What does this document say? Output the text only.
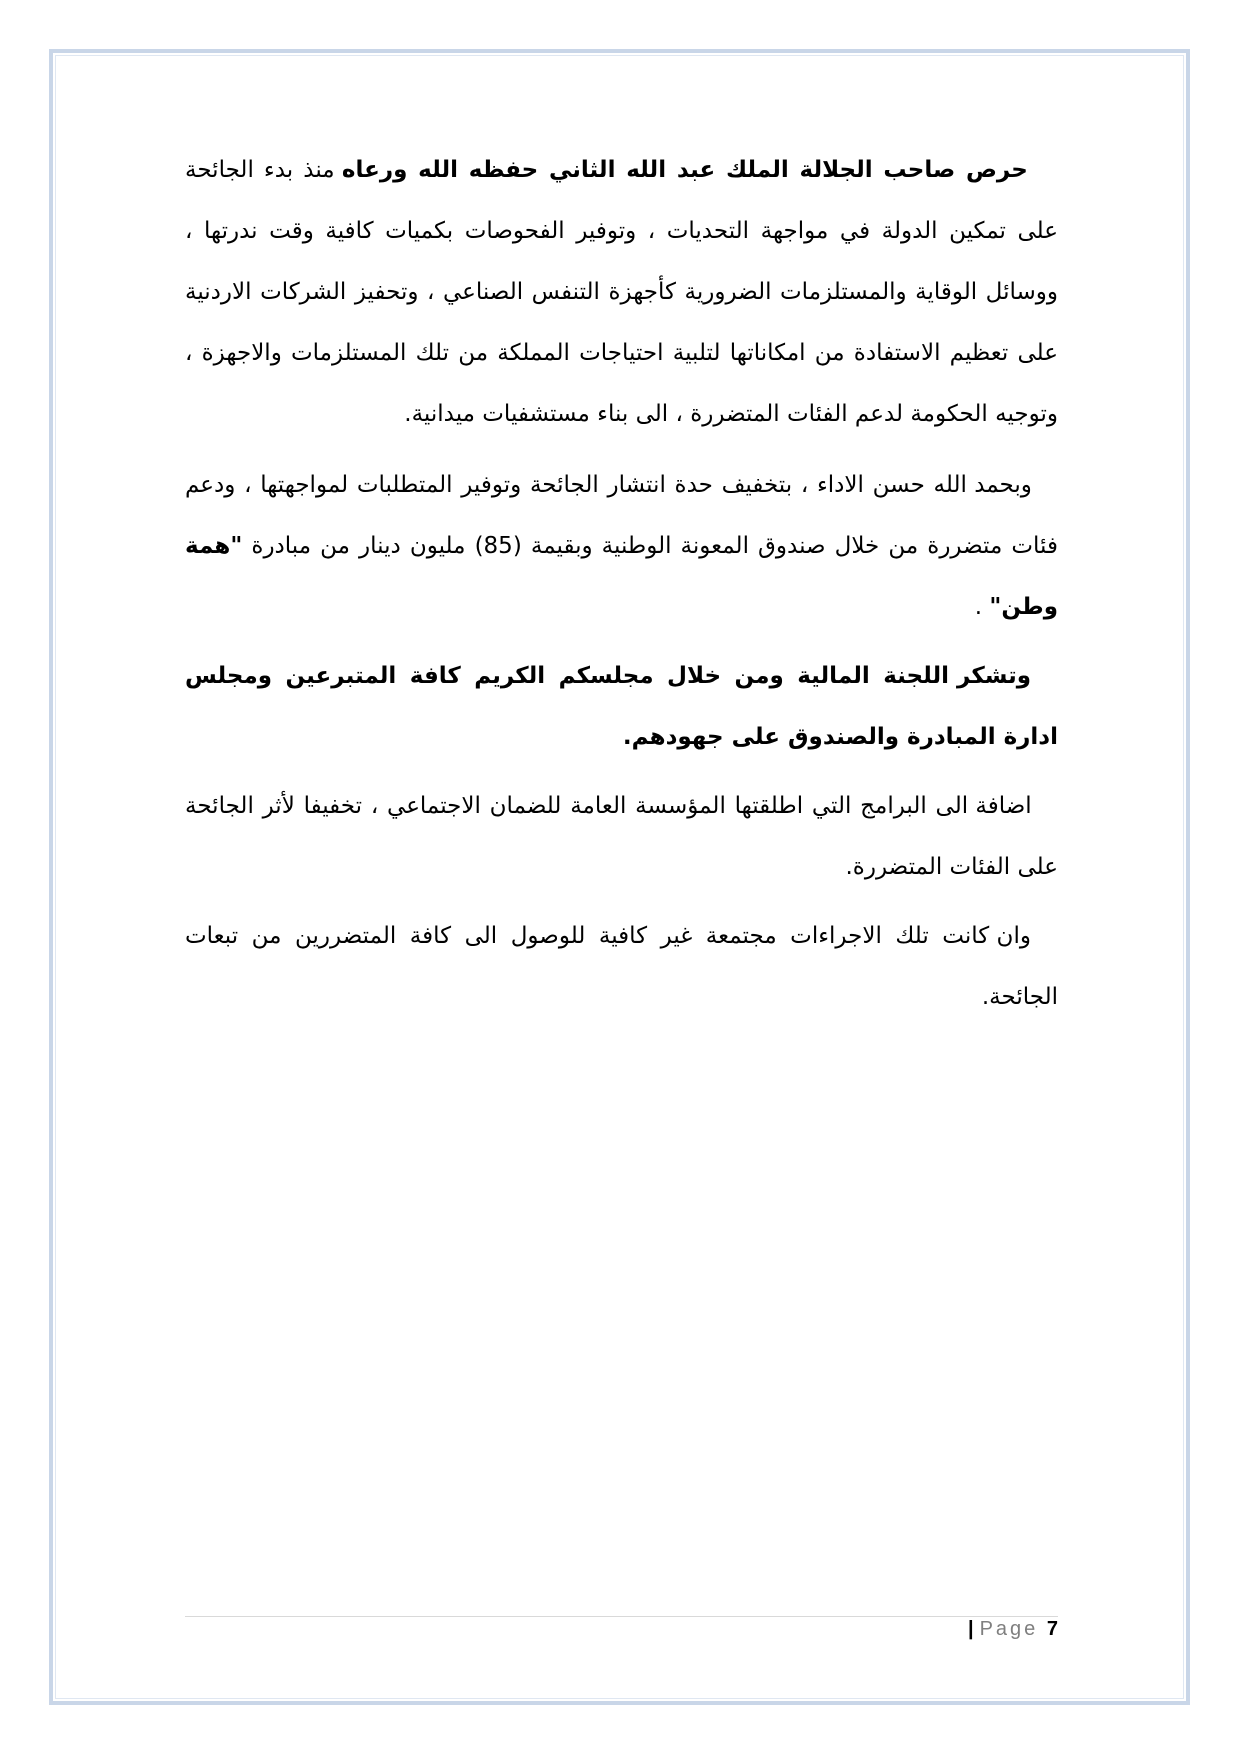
حرص صاحب الجلالة الملك عبد الله الثاني حفظه الله ورعاه منذ بدء الجائحة على تمكين الدولة في مواجهة التحديات ، وتوفير الفحوصات بكميات كافية وقت ندرتها ، ووسائل الوقاية والمستلزمات الضرورية كأجهزة التنفس الصناعي ، وتحفيز الشركات الاردنية على تعظيم الاستفادة من امكاناتها لتلبية احتياجات المملكة من تلك المستلزمات والاجهزة ، وتوجيه الحكومة لدعم الفئات المتضررة ، الى بناء مستشفيات ميدانية.

وبحمد الله حسن الاداء ، بتخفيف حدة انتشار الجائحة وتوفير المتطلبات لمواجهتها ، ودعم فئات متضررة من خلال صندوق المعونة الوطنية وبقيمة (85) مليون دينار من مبادرة "همة وطن" .

وتشكر اللجنة المالية ومن خلال مجلسكم الكريم كافة المتبرعين ومجلس ادارة المبادرة والصندوق على جهودهم.

اضافة الى البرامج التي اطلقتها المؤسسة العامة للضمان الاجتماعي ، تخفيفا لأثر الجائحة على الفئات المتضررة.

وان كانت تلك الاجراءات مجتمعة غير كافية للوصول الى كافة المتضررين من تبعات الجائحة.

| Page 7
